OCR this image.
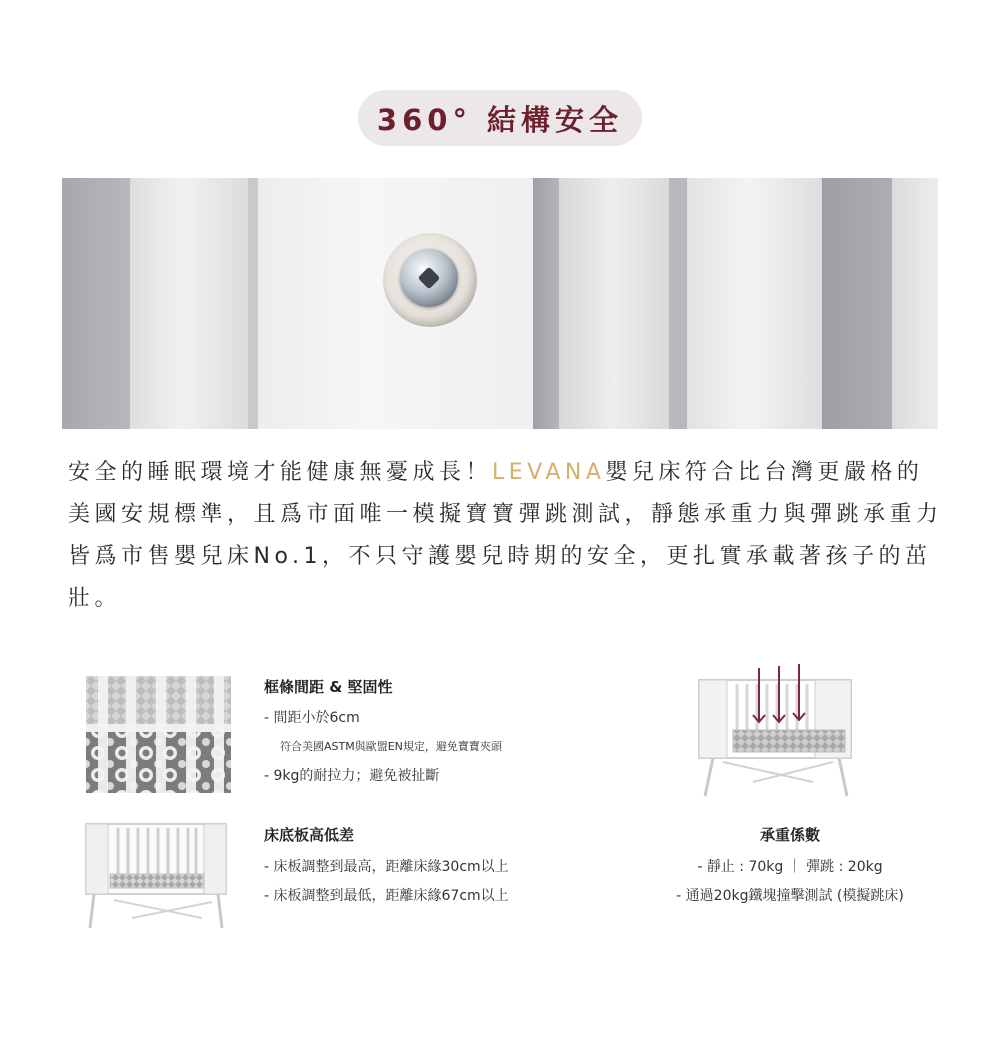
360° 結構安全
安全的睡眠環境才能健康無憂成長！LEVANA嬰兒床符合比台灣更嚴格的美國安規標準，且爲市面唯一模擬寶寶彈跳測試，靜態承重力與彈跳承重力皆爲市售嬰兒床No.1，不只守護嬰兒時期的安全，更扎實承載著孩子的茁壯。
框條間距 & 堅固性
- 間距小於6cm
符合美國ASTM與歐盟EN規定，避免寶寶夾頭
- 9kg的耐拉力；避免被扯斷
床底板高低差
- 床板調整到最高，距離床緣30cm以上
- 床板調整到最低，距離床緣67cm以上
承重係數
- 靜止 : 70kg ｜ 彈跳 : 20kg
- 通過20kg鐵塊撞擊測試 (模擬跳床)
